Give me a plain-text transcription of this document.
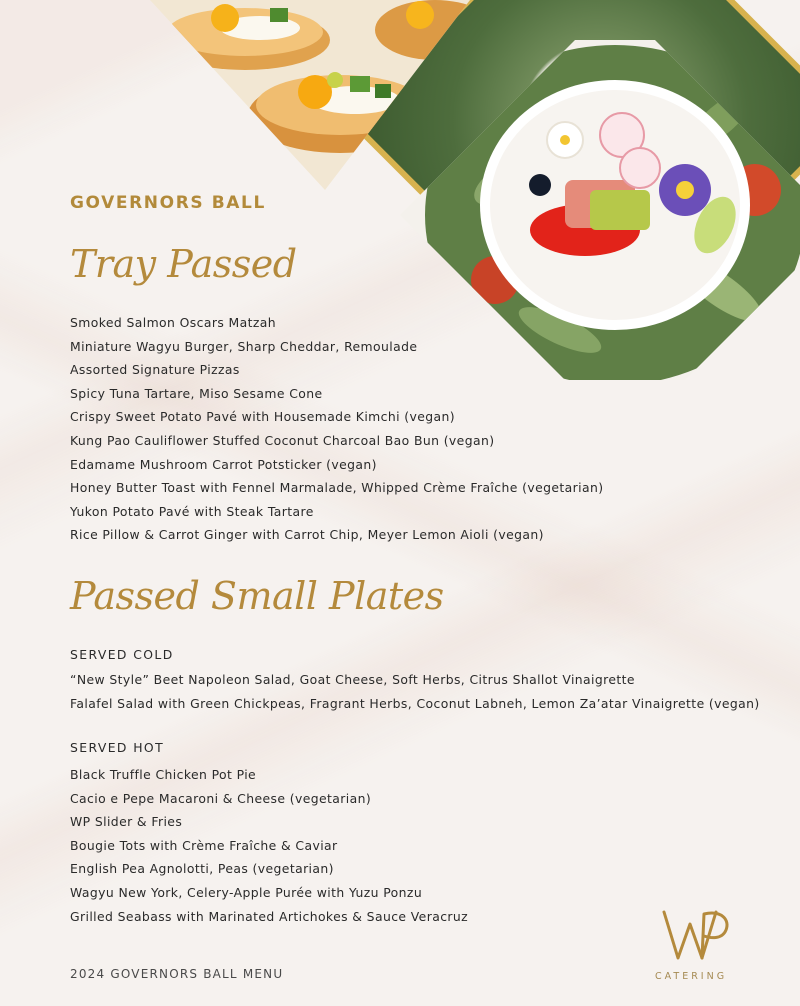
GOVERNORS BALL
Tray Passed
Smoked Salmon Oscars Matzah
Miniature Wagyu Burger, Sharp Cheddar, Remoulade
Assorted Signature Pizzas
Spicy Tuna Tartare, Miso Sesame Cone
Crispy Sweet Potato Pavé with Housemade Kimchi (vegan)
Kung Pao Cauliflower Stuffed Coconut Charcoal Bao Bun (vegan)
Edamame Mushroom Carrot Potsticker (vegan)
Honey Butter Toast with Fennel Marmalade, Whipped Crème Fraîche (vegetarian)
Yukon Potato Pavé with Steak Tartare
Rice Pillow & Carrot Ginger with Carrot Chip, Meyer Lemon Aioli (vegan)
Passed Small Plates

SERVED COLD

“New Style” Beet Napoleon Salad, Goat Cheese, Soft Herbs, Citrus Shallot Vinaigrette
Falafel Salad with Green Chickpeas, Fragrant Herbs, Coconut Labneh, Lemon Za’atar Vinaigrette (vegan)

SERVED HOT

Black Truffle Chicken Pot Pie
Cacio e Pepe Macaroni & Cheese (vegetarian)
WP Slider & Fries
Bougie Tots with Crème Fraîche & Caviar
English Pea Agnolotti, Peas (vegetarian)
Wagyu New York, Celery-Apple Purée with Yuzu Ponzu
Grilled Seabass with Marinated Artichokes & Sauce Veracruz

2024 GOVERNORS BALL MENU	CATERING
